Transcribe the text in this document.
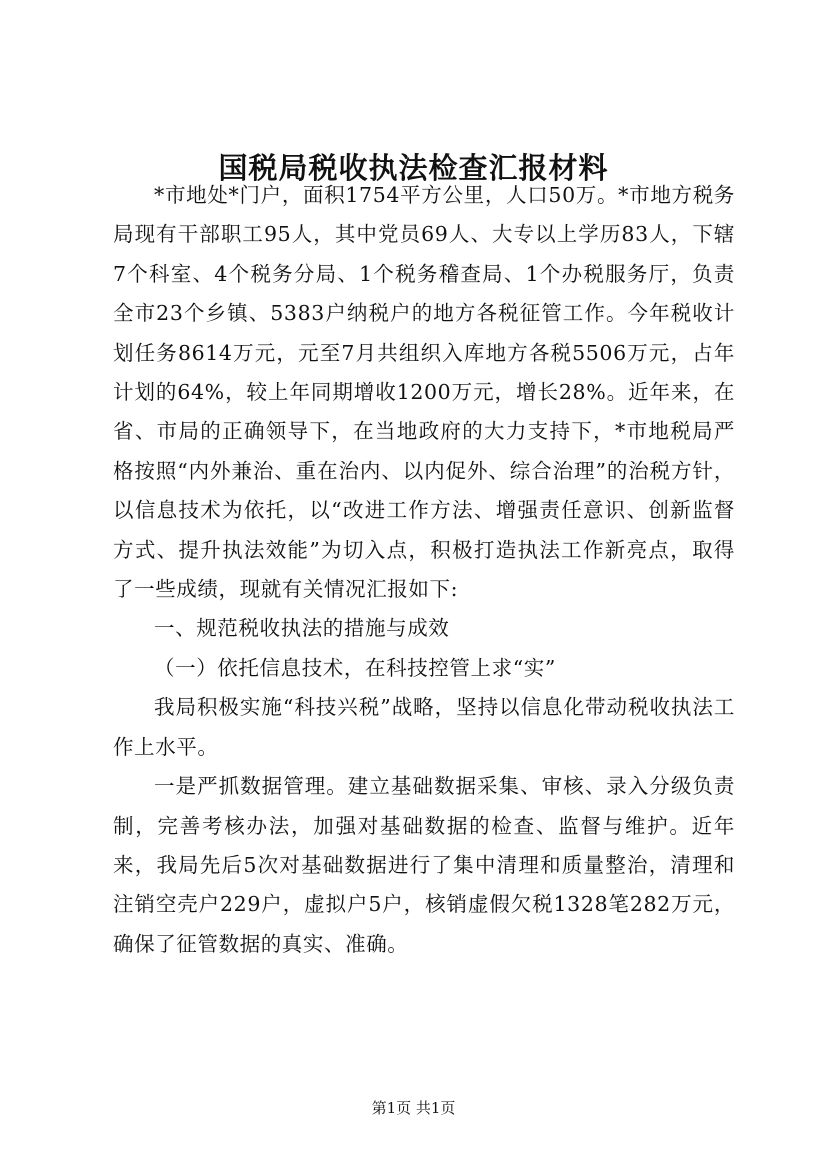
国税局税收执法检查汇报材料

*市地处*门户，面积1754平方公里，人口50万。*市地方税务局现有干部职工95人，其中党员69人、大专以上学历83人，下辖7个科室、4个税务分局、1个税务稽查局、1个办税服务厅，负责全市23个乡镇、5383户纳税户的地方各税征管工作。今年税收计划任务8614万元，元至7月共组织入库地方各税5506万元，占年计划的64%，较上年同期增收1200万元，增长28%。近年来，在省、市局的正确领导下，在当地政府的大力支持下，*市地税局严格按照“内外兼治、重在治内、以内促外、综合治理”的治税方针，以信息技术为依托，以“改进工作方法、增强责任意识、创新监督方式、提升执法效能”为切入点，积极打造执法工作新亮点，取得了一些成绩，现就有关情况汇报如下:

一、规范税收执法的措施与成效

（一）依托信息技术，在科技控管上求“实”

我局积极实施“科技兴税”战略，坚持以信息化带动税收执法工作上水平。

一是严抓数据管理。建立基础数据采集、审核、录入分级负责制，完善考核办法，加强对基础数据的检查、监督与维护。近年来，我局先后5次对基础数据进行了集中清理和质量整治，清理和注销空壳户229户，虚拟户5户，核销虚假欠税1328笔282万元，确保了征管数据的真实、准确。

第1页 共1页
